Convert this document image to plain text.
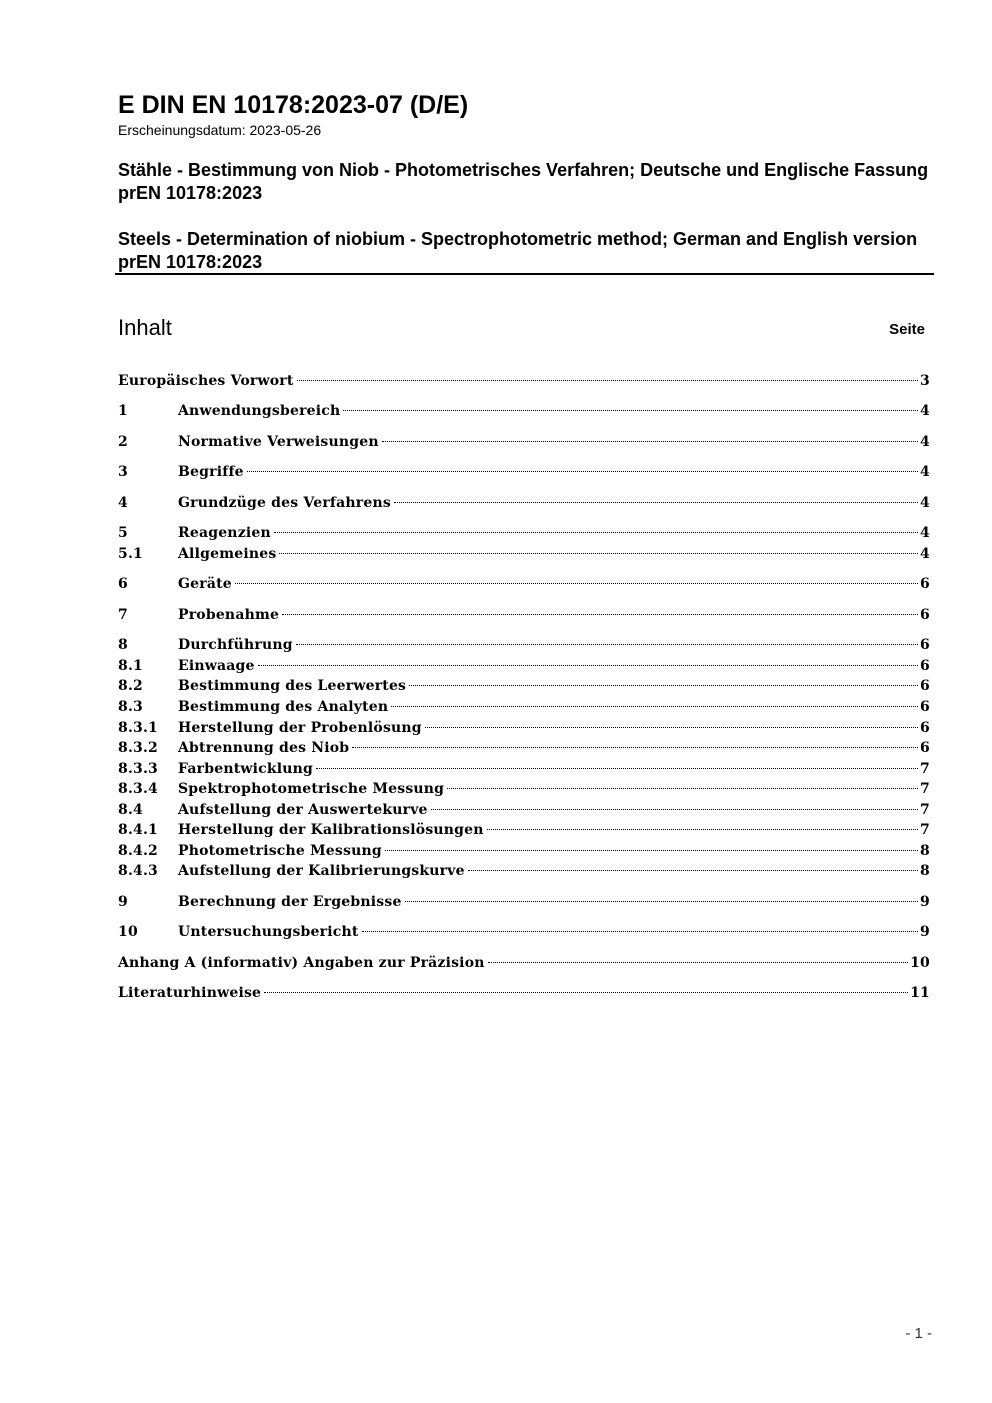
E DIN EN 10178:2023-07 (D/E)
Erscheinungsdatum: 2023-05-26
Stähle - Bestimmung von Niob - Photometrisches Verfahren; Deutsche und Englische Fassung prEN 10178:2023
Steels - Determination of niobium - Spectrophotometric method; German and English version prEN 10178:2023
Inhalt	Seite
Europäisches Vorwort	3
1	Anwendungsbereich	4
2	Normative Verweisungen	4
3	Begriffe	4
4	Grundzüge des Verfahrens	4
5	Reagenzien	4
5.1	Allgemeines	4
6	Geräte	6
7	Probenahme	6
8	Durchführung	6
8.1	Einwaage	6
8.2	Bestimmung des Leerwertes	6
8.3	Bestimmung des Analyten	6
8.3.1	Herstellung der Probenlösung	6
8.3.2	Abtrennung des Niob	6
8.3.3	Farbentwicklung	7
8.3.4	Spektrophotometrische Messung	7
8.4	Aufstellung der Auswertekurve	7
8.4.1	Herstellung der Kalibrationslösungen	7
8.4.2	Photometrische Messung	8
8.4.3	Aufstellung der Kalibrierungskurve	8
9	Berechnung der Ergebnisse	9
10	Untersuchungsbericht	9
Anhang A (informativ) Angaben zur Präzision	10
Literaturhinweise	11
- 1 -
